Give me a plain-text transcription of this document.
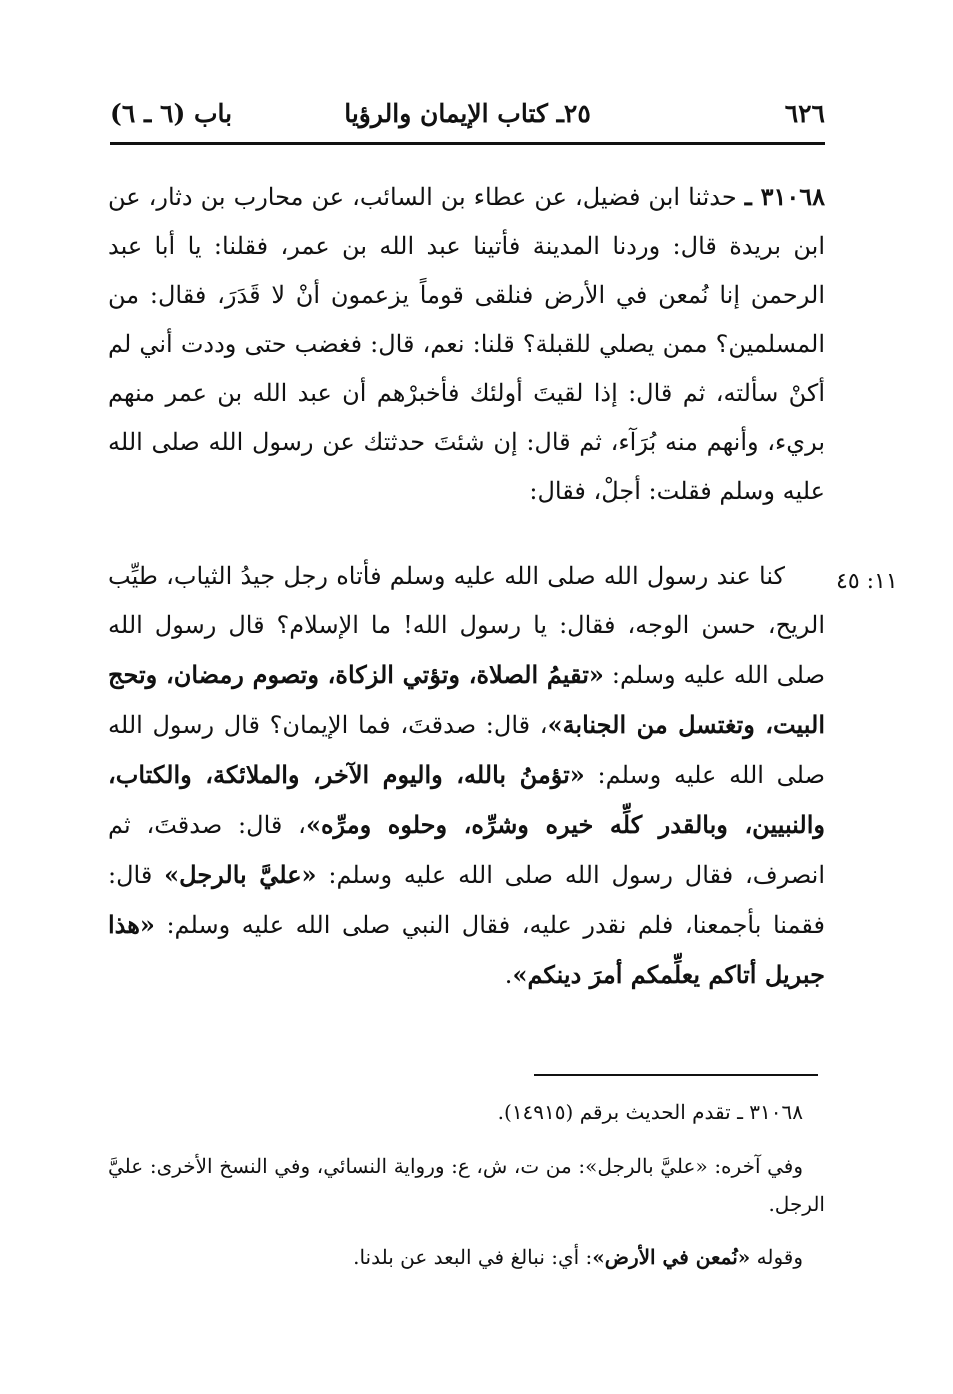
٦٢٦
٢٥ـ كتاب الإيمان والرؤيا
باب (٦ ـ ٦)

٣١٠٦٨ ـ حدثنا ابن فضيل، عن عطاء بن السائب، عن محارب بن دثار، عن ابن بريدة قال: وردنا المدينة فأتينا عبد الله بن عمر، فقلنا: يا أبا عبد الرحمن إنا نُمعن في الأرض فنلقى قوماً يزعمون أنْ لا قَدَرَ، فقال: من المسلمين؟ ممن يصلي للقبلة؟ قلنا: نعم، قال: فغضب حتى وددت أني لم أكنْ سألته، ثم قال: إذا لقيتَ أولئك فأخبرْهم أن عبد الله بن عمر منهم بريء، وأنهم منه بُرَآء، ثم قال: إن شئتَ حدثتك عن رسول الله صلى الله عليه وسلم فقلت: أجلْ، فقال:

١١: ٤٥

كنا عند رسول الله صلى الله عليه وسلم فأتاه رجل جيدُ الثياب، طيِّب الريح، حسن الوجه، فقال: يا رسول الله! ما الإسلام؟ قال رسول الله صلى الله عليه وسلم: «تقيمُ الصلاة، وتؤتي الزكاة، وتصوم رمضان، وتحج البيت، وتغتسل من الجنابة»، قال: صدقتَ، فما الإيمان؟ قال رسول الله صلى الله عليه وسلم: «تؤمنُ بالله، واليوم الآخر، والملائكة، والكتاب، والنبيين، وبالقدر كلِّه خيره وشرِّه، وحلوه ومرِّه»، قال: صدقتَ، ثم انصرف، فقال رسول الله صلى الله عليه وسلم: «عليَّ بالرجل» قال: فقمنا بأجمعنا، فلم نقدر عليه، فقال النبي صلى الله عليه وسلم: «هذا جبريل أتاكم يعلِّمكم أمرَ دينكم».

٣١٠٦٨ ـ تقدم الحديث برقم (١٤٩١٥).

وفي آخره: «عليَّ بالرجل»: من ت، ش، ع: ورواية النسائي، وفي النسخ الأخرى: عليَّ الرجل.

وقوله «نُمعن في الأرض»: أي: نبالغ في البعد عن بلدنا.
